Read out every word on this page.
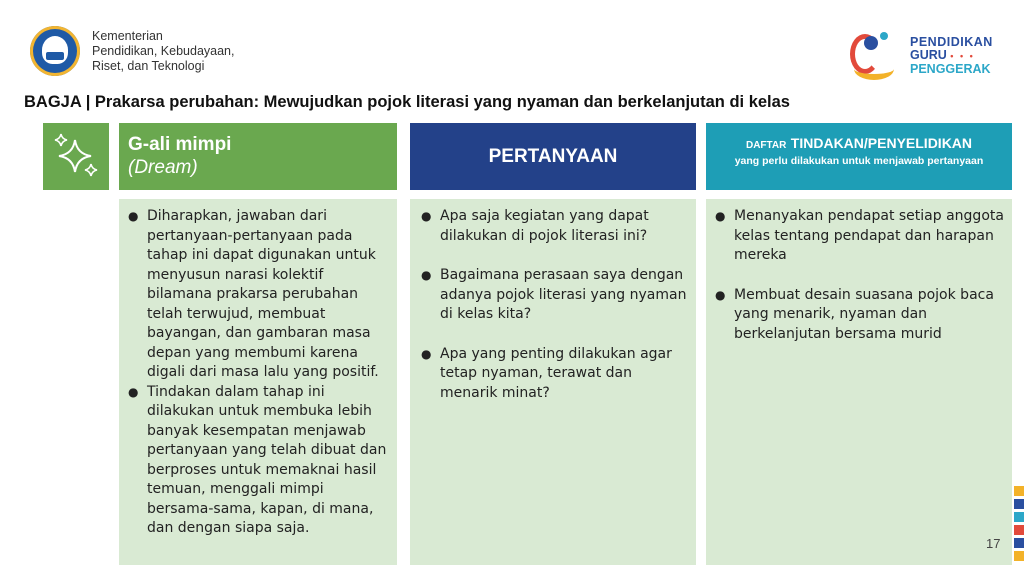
Kementerian
Pendidikan, Kebudayaan,
Riset, dan Teknologi
PENDIDIKAN
GURU • • •
PENGGERAK
BAGJA | Prakarsa perubahan: Mewujudkan pojok literasi yang nyaman dan berkelanjutan di kelas
G-ali mimpi
(Dream)
PERTANYAAN	DAFTAR TINDAKAN/PENYELIDIKAN
yang perlu dilakukan untuk menjawab pertanyaan
● Diharapkan, jawaban dari pertanyaan-pertanyaan pada tahap ini dapat digunakan untuk menyusun narasi kolektif bilamana prakarsa perubahan telah terwujud, membuat bayangan, dan gambaran masa depan yang membumi karena digali dari masa lalu yang positif.
● Tindakan dalam tahap ini dilakukan untuk membuka lebih banyak kesempatan menjawab pertanyaan yang telah dibuat dan berproses untuk memaknai hasil temuan, menggali mimpi bersama-sama, kapan, di mana, dan dengan siapa saja.
● Apa saja kegiatan yang dapat dilakukan di pojok literasi ini?
● Bagaimana perasaan saya dengan adanya pojok literasi yang nyaman di kelas kita?
● Apa yang penting dilakukan agar tetap nyaman, terawat dan menarik minat?
● Menanyakan pendapat setiap anggota kelas tentang pendapat dan harapan mereka
● Membuat desain suasana pojok baca yang menarik, nyaman dan berkelanjutan bersama murid
17
